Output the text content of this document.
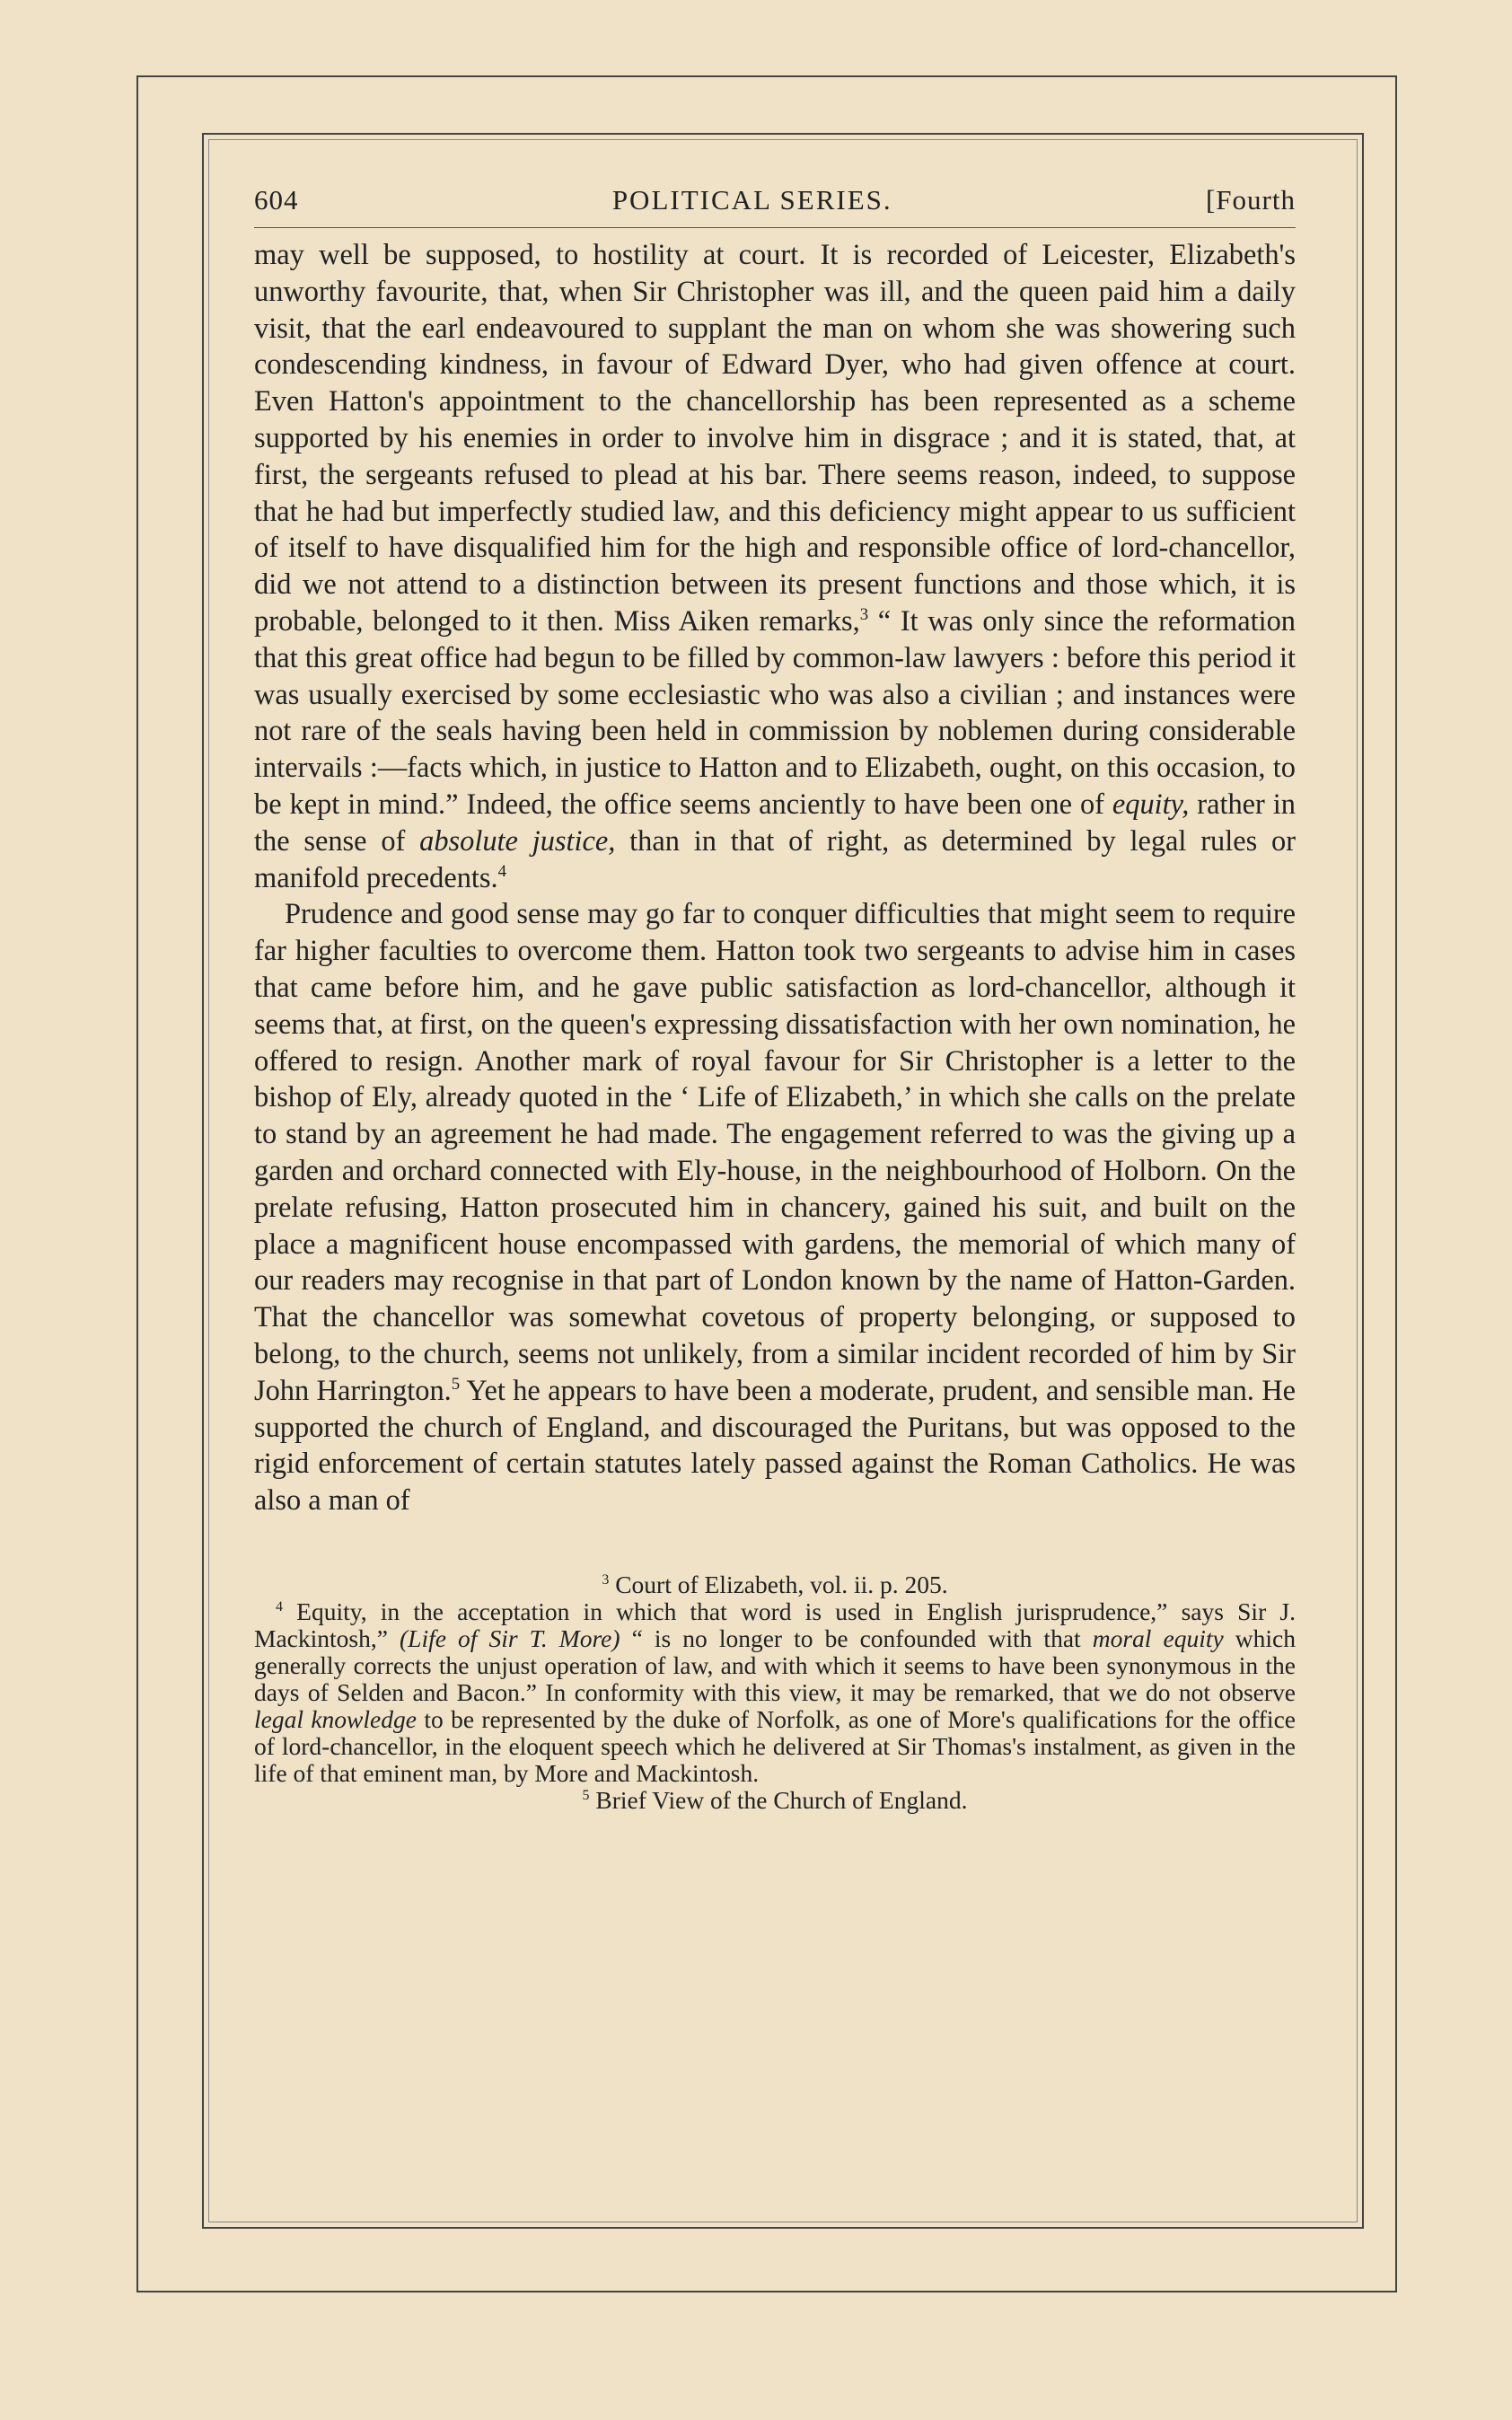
604	POLITICAL SERIES.	[Fourth

may well be supposed, to hostility at court. It is recorded of Leicester, Elizabeth's unworthy favourite, that, when Sir Christopher was ill, and the queen paid him a daily visit, that the earl endeavoured to supplant the man on whom she was showering such condescending kindness, in favour of Edward Dyer, who had given offence at court. Even Hatton's appointment to the chancellorship has been represented as a scheme supported by his enemies in order to involve him in disgrace ; and it is stated, that, at first, the sergeants refused to plead at his bar. There seems reason, indeed, to suppose that he had but imperfectly studied law, and this deficiency might appear to us sufficient of itself to have disqualified him for the high and responsible office of lord-chancellor, did we not attend to a distinction between its present functions and those which, it is probable, belonged to it then. Miss Aiken remarks,$^3$ “ It was only since the reformation that this great office had begun to be filled by common-law lawyers : before this period it was usually exercised by some ecclesiastic who was also a civilian ; and instances were not rare of the seals having been held in commission by noblemen during considerable intervails :—facts which, in justice to Hatton and to Elizabeth, ought, on this occasion, to be kept in mind.” Indeed, the office seems anciently to have been one of equity, rather in the sense of absolute justice, than in that of right, as determined by legal rules or manifold precedents.$^4$

Prudence and good sense may go far to conquer difficulties that might seem to require far higher faculties to overcome them. Hatton took two sergeants to advise him in cases that came before him, and he gave public satisfaction as lord-chancellor, although it seems that, at first, on the queen's expressing dissatisfaction with her own nomination, he offered to resign. Another mark of royal favour for Sir Christopher is a letter to the bishop of Ely, already quoted in the ‘ Life of Elizabeth,’ in which she calls on the prelate to stand by an agreement he had made. The engagement referred to was the giving up a garden and orchard connected with Ely-house, in the neighbourhood of Holborn. On the prelate refusing, Hatton prosecuted him in chancery, gained his suit, and built on the place a magnificent house encompassed with gardens, the memorial of which many of our readers may recognise in that part of London known by the name of Hatton-Garden. That the chancellor was somewhat covetous of property belonging, or supposed to belong, to the church, seems not unlikely, from a similar incident recorded of him by Sir John Harrington.$^5$ Yet he appears to have been a moderate, prudent, and sensible man. He supported the church of England, and discouraged the Puritans, but was opposed to the rigid enforcement of certain statutes lately passed against the Roman Catholics. He was also a man of

$^3$ Court of Elizabeth, vol. ii. p. 205.

$^4$ Equity, in the acceptation in which that word is used in English jurisprudence,” says Sir J. Mackintosh,” (Life of Sir T. More) “ is no longer to be confounded with that moral equity which generally corrects the unjust operation of law, and with which it seems to have been synonymous in the days of Selden and Bacon.” In conformity with this view, it may be remarked, that we do not observe legal knowledge to be represented by the duke of Norfolk, as one of More's qualifications for the office of lord-chancellor, in the eloquent speech which he delivered at Sir Thomas's instalment, as given in the life of that eminent man, by More and Mackintosh.

$^5$ Brief View of the Church of England.
